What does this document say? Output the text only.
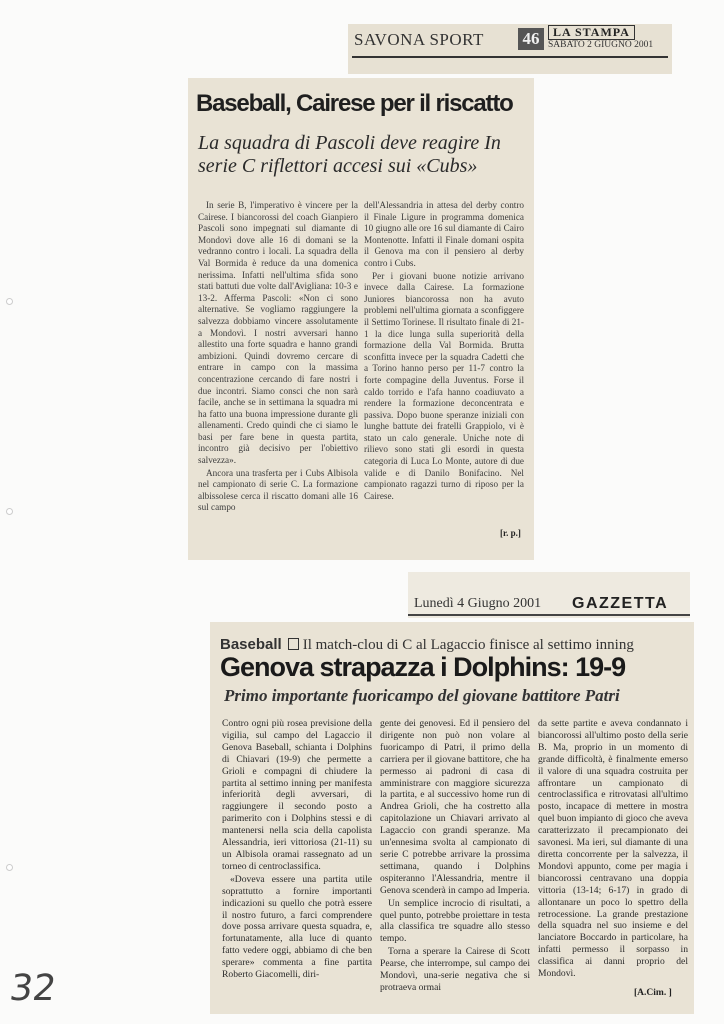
SAVONA SPORT 46	LA STAMPA
SABATO 2 GIUGNO 2001
Baseball, Cairese per il riscatto
La squadra di Pascoli deve reagire In serie C riflettori accesi sui «Cubs»

In serie B, l'imperativo è vincere per la Cairese. I biancorossi del coach Gianpiero Pascoli sono impegnati sul diamante di Mondovì dove alle 16 di domani se la vedranno contro i locali. La squadra della Val Bormida è reduce da una domenica nerissima. Infatti nell'ultima sfida sono stati battuti due volte dall'Avigliana: 10-3 e 13-2. Afferma Pascoli: «Non ci sono alternative. Se vogliamo raggiungere la salvezza dobbiamo vincere assolutamente a Mondovì. I nostri avversari hanno allestito una forte squadra e hanno grandi ambizioni. Quindi dovremo cercare di entrare in campo con la massima concentrazione cercando di fare nostri i due incontri. Siamo consci che non sarà facile, anche se in settimana la squadra mi ha fatto una buona impressione durante gli allenamenti. Credo quindi che ci siamo le basi per fare bene in questa partita, incontro già decisivo per l'obiettivo salvezza».

Ancora una trasferta per i Cubs Albisola nel campionato di serie C. La formazione albissolese cerca il riscatto domani alle 16 sul campo

dell'Alessandria in attesa del derby contro il Finale Ligure in programma domenica 10 giugno alle ore 16 sul diamante di Cairo Montenotte. Infatti il Finale domani ospita il Genova ma con il pensiero al derby contro i Cubs.

Per i giovani buone notizie arrivano invece dalla Cairese. La formazione Juniores biancorossa non ha avuto problemi nell'ultima giornata a sconfiggere il Settimo Torinese. Il risultato finale di 21-1 la dice lunga sulla superiorità della formazione della Val Bormida. Brutta sconfitta invece per la squadra Cadetti che a Torino hanno perso per 11-7 contro la forte compagine della Juventus. Forse il caldo torrido e l'afa hanno coadiuvato a rendere la formazione deconcentrata e passiva. Dopo buone speranze iniziali con lunghe battute dei fratelli Grappiolo, vi è stato un calo generale. Uniche note di rilievo sono stati gli esordi in questa categoria di Luca Lo Monte, autore di due valide e di Danilo Bonifacino. Nel campionato ragazzi turno di riposo per la Cairese.

[r. p.]
Lunedì 4 Giugno 2001 GAZZETTA
Baseball Il match-clou di C al Lagaccio finisce al settimo inning
Genova strapazza i Dolphins: 19-9
Primo importante fuoricampo del giovane battitore Patri

Contro ogni più rosea previsione della vigilia, sul campo del Lagaccio il Genova Baseball, schianta i Dolphins di Chiavari (19-9) che permette a Grioli e compagni di chiudere la partita al settimo inning per manifesta inferiorità degli avversari, di raggiungere il secondo posto a parimerito con i Dolphins stessi e di mantenersi nella scia della capolista Alessandria, ieri vittoriosa (21-11) su un Albisola oramai rassegnato ad un torneo di centroclassifica.

«Doveva essere una partita utile soprattutto a fornire importanti indicazioni su quello che potrà essere il nostro futuro, a farci comprendere dove possa arrivare questa squadra, e, fortunatamente, alla luce di quanto fatto vedere oggi, abbiamo di che ben sperare» commenta a fine partita Roberto Giacomelli, diri-

gente dei genovesi. Ed il pensiero del dirigente non può non volare al fuoricampo di Patri, il primo della carriera per il giovane battitore, che ha permesso ai padroni di casa di amministrare con maggiore sicurezza la partita, e al successivo home run di Andrea Grioli, che ha costretto alla capitolazione un Chiavari arrivato al Lagaccio con grandi speranze. Ma un'ennesima svolta al campionato di serie C potrebbe arrivare la prossima settimana, quando i Dolphins ospiteranno l'Alessandria, mentre il Genova scenderà in campo ad Imperia.

Un semplice incrocio di risultati, a quel punto, potrebbe proiettare in testa alla classifica tre squadre allo stesso tempo.

Torna a sperare la Cairese di Scott Pearse, che interrompe, sul campo dei Mondovì, una-serie negativa che si protraeva ormai

da sette partite e aveva condannato i biancorossi all'ultimo posto della serie B. Ma, proprio in un momento di grande difficoltà, è finalmente emerso il valore di una squadra costruita per affrontare un campionato di centroclassifica e ritrovatasi all'ultimo posto, incapace di mettere in mostra quel buon impianto di gioco che aveva caratterizzato il precampionato dei savonesi. Ma ieri, sul diamante di una diretta concorrente per la salvezza, il Mondovì appunto, come per magia i biancorossi centravano una doppia vittoria (13-14; 6-17) in grado di allontanare un poco lo spettro della retrocessione. La grande prestazione della squadra nel suo insieme e del lanciatore Boccardo in particolare, ha infatti permesso il sorpasso in classifica ai danni proprio del Mondovì.

[A.Cim. ]
32
